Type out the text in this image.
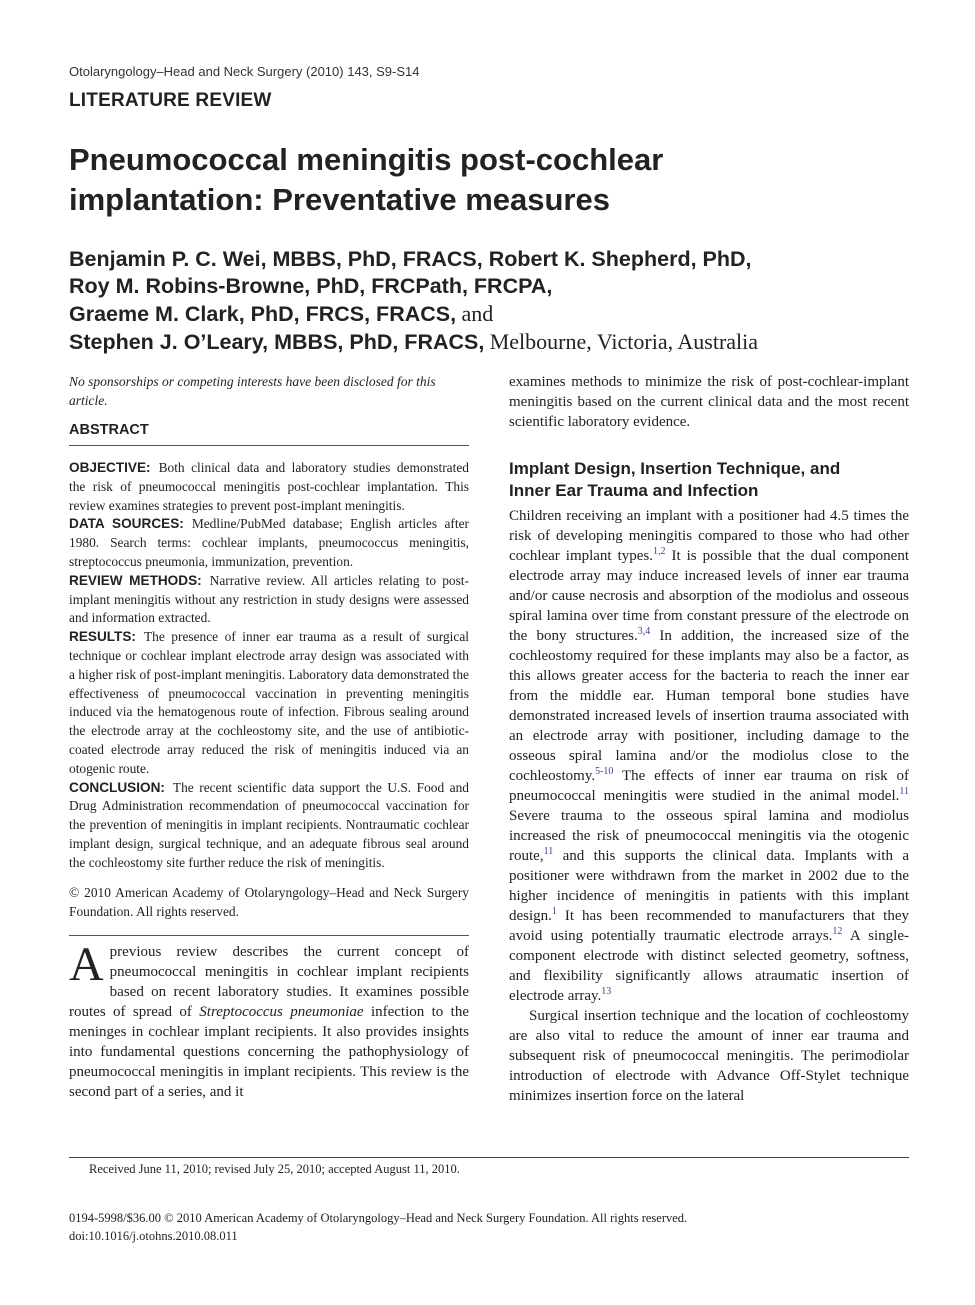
Otolaryngology–Head and Neck Surgery (2010) 143, S9-S14
LITERATURE REVIEW
Pneumococcal meningitis post-cochlear
implantation: Preventative measures
Benjamin P. C. Wei, MBBS, PhD, FRACS, Robert K. Shepherd, PhD,
Roy M. Robins-Browne, PhD, FRCPath, FRCPA,
Graeme M. Clark, PhD, FRCS, FRACS, and
Stephen J. O’Leary, MBBS, PhD, FRACS, Melbourne, Victoria, Australia

No sponsorships or competing interests have been disclosed for this article.

ABSTRACT

OBJECTIVE: Both clinical data and laboratory studies demonstrated the risk of pneumococcal meningitis post-cochlear implantation. This review examines strategies to prevent post-implant meningitis.

DATA SOURCES: Medline/PubMed database; English articles after 1980. Search terms: cochlear implants, pneumococcus meningitis, streptococcus pneumonia, immunization, prevention.

REVIEW METHODS: Narrative review. All articles relating to post-implant meningitis without any restriction in study designs were assessed and information extracted.

RESULTS: The presence of inner ear trauma as a result of surgical technique or cochlear implant electrode array design was associated with a higher risk of post-implant meningitis. Laboratory data demonstrated the effectiveness of pneumococcal vaccination in preventing meningitis induced via the hematogenous route of infection. Fibrous sealing around the electrode array at the cochleostomy site, and the use of antibiotic-coated electrode array reduced the risk of meningitis induced via an otogenic route.

CONCLUSION: The recent scientific data support the U.S. Food and Drug Administration recommendation of pneumococcal vaccination for the prevention of meningitis in implant recipients. Nontraumatic cochlear implant design, surgical technique, and an adequate fibrous seal around the cochleostomy site further reduce the risk of meningitis.

© 2010 American Academy of Otolaryngology–Head and Neck Surgery Foundation. All rights reserved.

Aprevious review describes the current concept of pneumococcal meningitis in cochlear implant recipients based on recent laboratory studies. It examines possible routes of spread of Streptococcus pneumoniae infection to the meninges in cochlear implant recipients. It also provides insights into fundamental questions concerning the pathophysiology of pneumococcal meningitis in implant recipients. This review is the second part of a series, and it

examines methods to minimize the risk of post-cochlear-implant meningitis based on the current clinical data and the most recent scientific laboratory evidence.

Implant Design, Insertion Technique, and
Inner Ear Trauma and Infection

Children receiving an implant with a positioner had 4.5 times the risk of developing meningitis compared to those who had other cochlear implant types.$^{1,2}$ It is possible that the dual component electrode array may induce increased levels of inner ear trauma and/or cause necrosis and absorption of the modiolus and osseous spiral lamina over time from constant pressure of the electrode on the bony structures.$^{3,4}$ In addition, the increased size of the cochleostomy required for these implants may also be a factor, as this allows greater access for the bacteria to reach the inner ear from the middle ear. Human temporal bone studies have demonstrated increased levels of insertion trauma associated with an electrode array with positioner, including damage to the osseous spiral lamina and/or the modiolus close to the cochleostomy.$^{5-10}$ The effects of inner ear trauma on risk of pneumococcal meningitis were studied in the animal model.$^{11}$ Severe trauma to the osseous spiral lamina and modiolus increased the risk of pneumococcal meningitis via the otogenic route,$^{11}$ and this supports the clinical data. Implants with a positioner were withdrawn from the market in 2002 due to the higher incidence of meningitis in patients with this implant design.$^1$ It has been recommended to manufacturers that they avoid using potentially traumatic electrode arrays.$^{12}$ A single-component electrode with distinct selected geometry, softness, and flexibility significantly allows atraumatic insertion of electrode array.$^{13}$

Surgical insertion technique and the location of cochleostomy are also vital to reduce the amount of inner ear trauma and subsequent risk of pneumococcal meningitis. The perimodiolar introduction of electrode with Advance Off-Stylet technique minimizes insertion force on the lateral

Received June 11, 2010; revised July 25, 2010; accepted August 11, 2010.
0194-5998/$36.00 © 2010 American Academy of Otolaryngology–Head and Neck Surgery Foundation. All rights reserved.
doi:10.1016/j.otohns.2010.08.011
